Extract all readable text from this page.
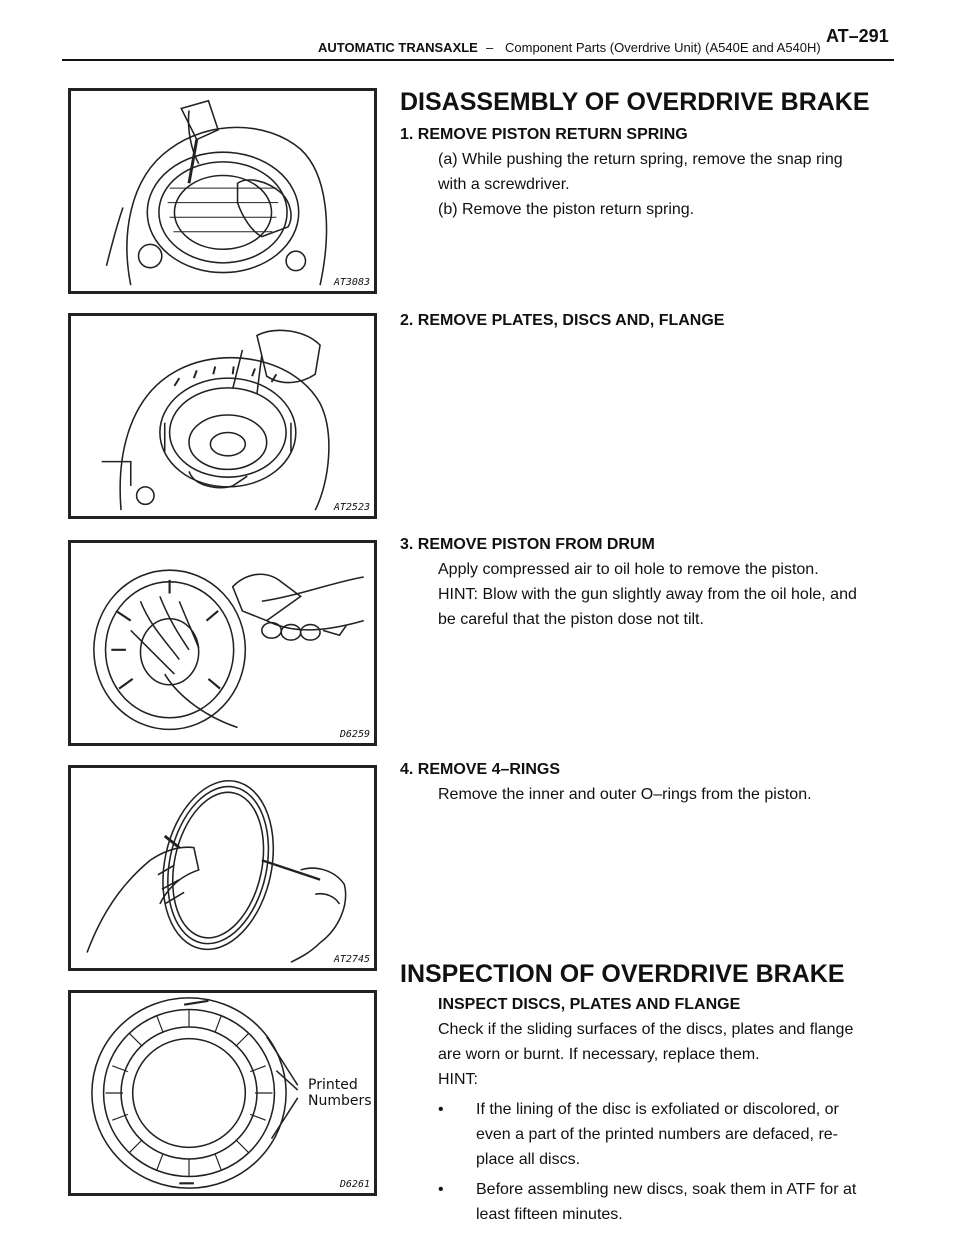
AUTOMATIC TRANSAXLE – Component Parts (Overdrive Unit) (A540E and A540H)
AT–291
AT3083
AT2523
D6259
AT2745
Printed Numbers
D6261
DISASSEMBLY OF OVERDRIVE BRAKE
1. REMOVE PISTON RETURN SPRING
(a) While pushing the return spring, remove the snap ring with a screwdriver.
(b) Remove the piston return spring.
2. REMOVE PLATES, DISCS AND, FLANGE
3. REMOVE PISTON FROM DRUM
Apply compressed air to oil hole to remove the piston.
HINT: Blow with the gun slightly away from the oil hole, and be careful that the piston dose not tilt.
4. REMOVE 4–RINGS
Remove the inner and outer O–rings from the piston.
INSPECTION OF OVERDRIVE BRAKE
INSPECT DISCS, PLATES AND FLANGE
Check if the sliding surfaces of the discs, plates and flange are worn or burnt. If necessary, replace them.
HINT:
•	If the lining of the disc is exfoliated or discolored, or even a part of the printed numbers are defaced, re-place all discs.
•	Before assembling new discs, soak them in ATF for at least fifteen minutes.
